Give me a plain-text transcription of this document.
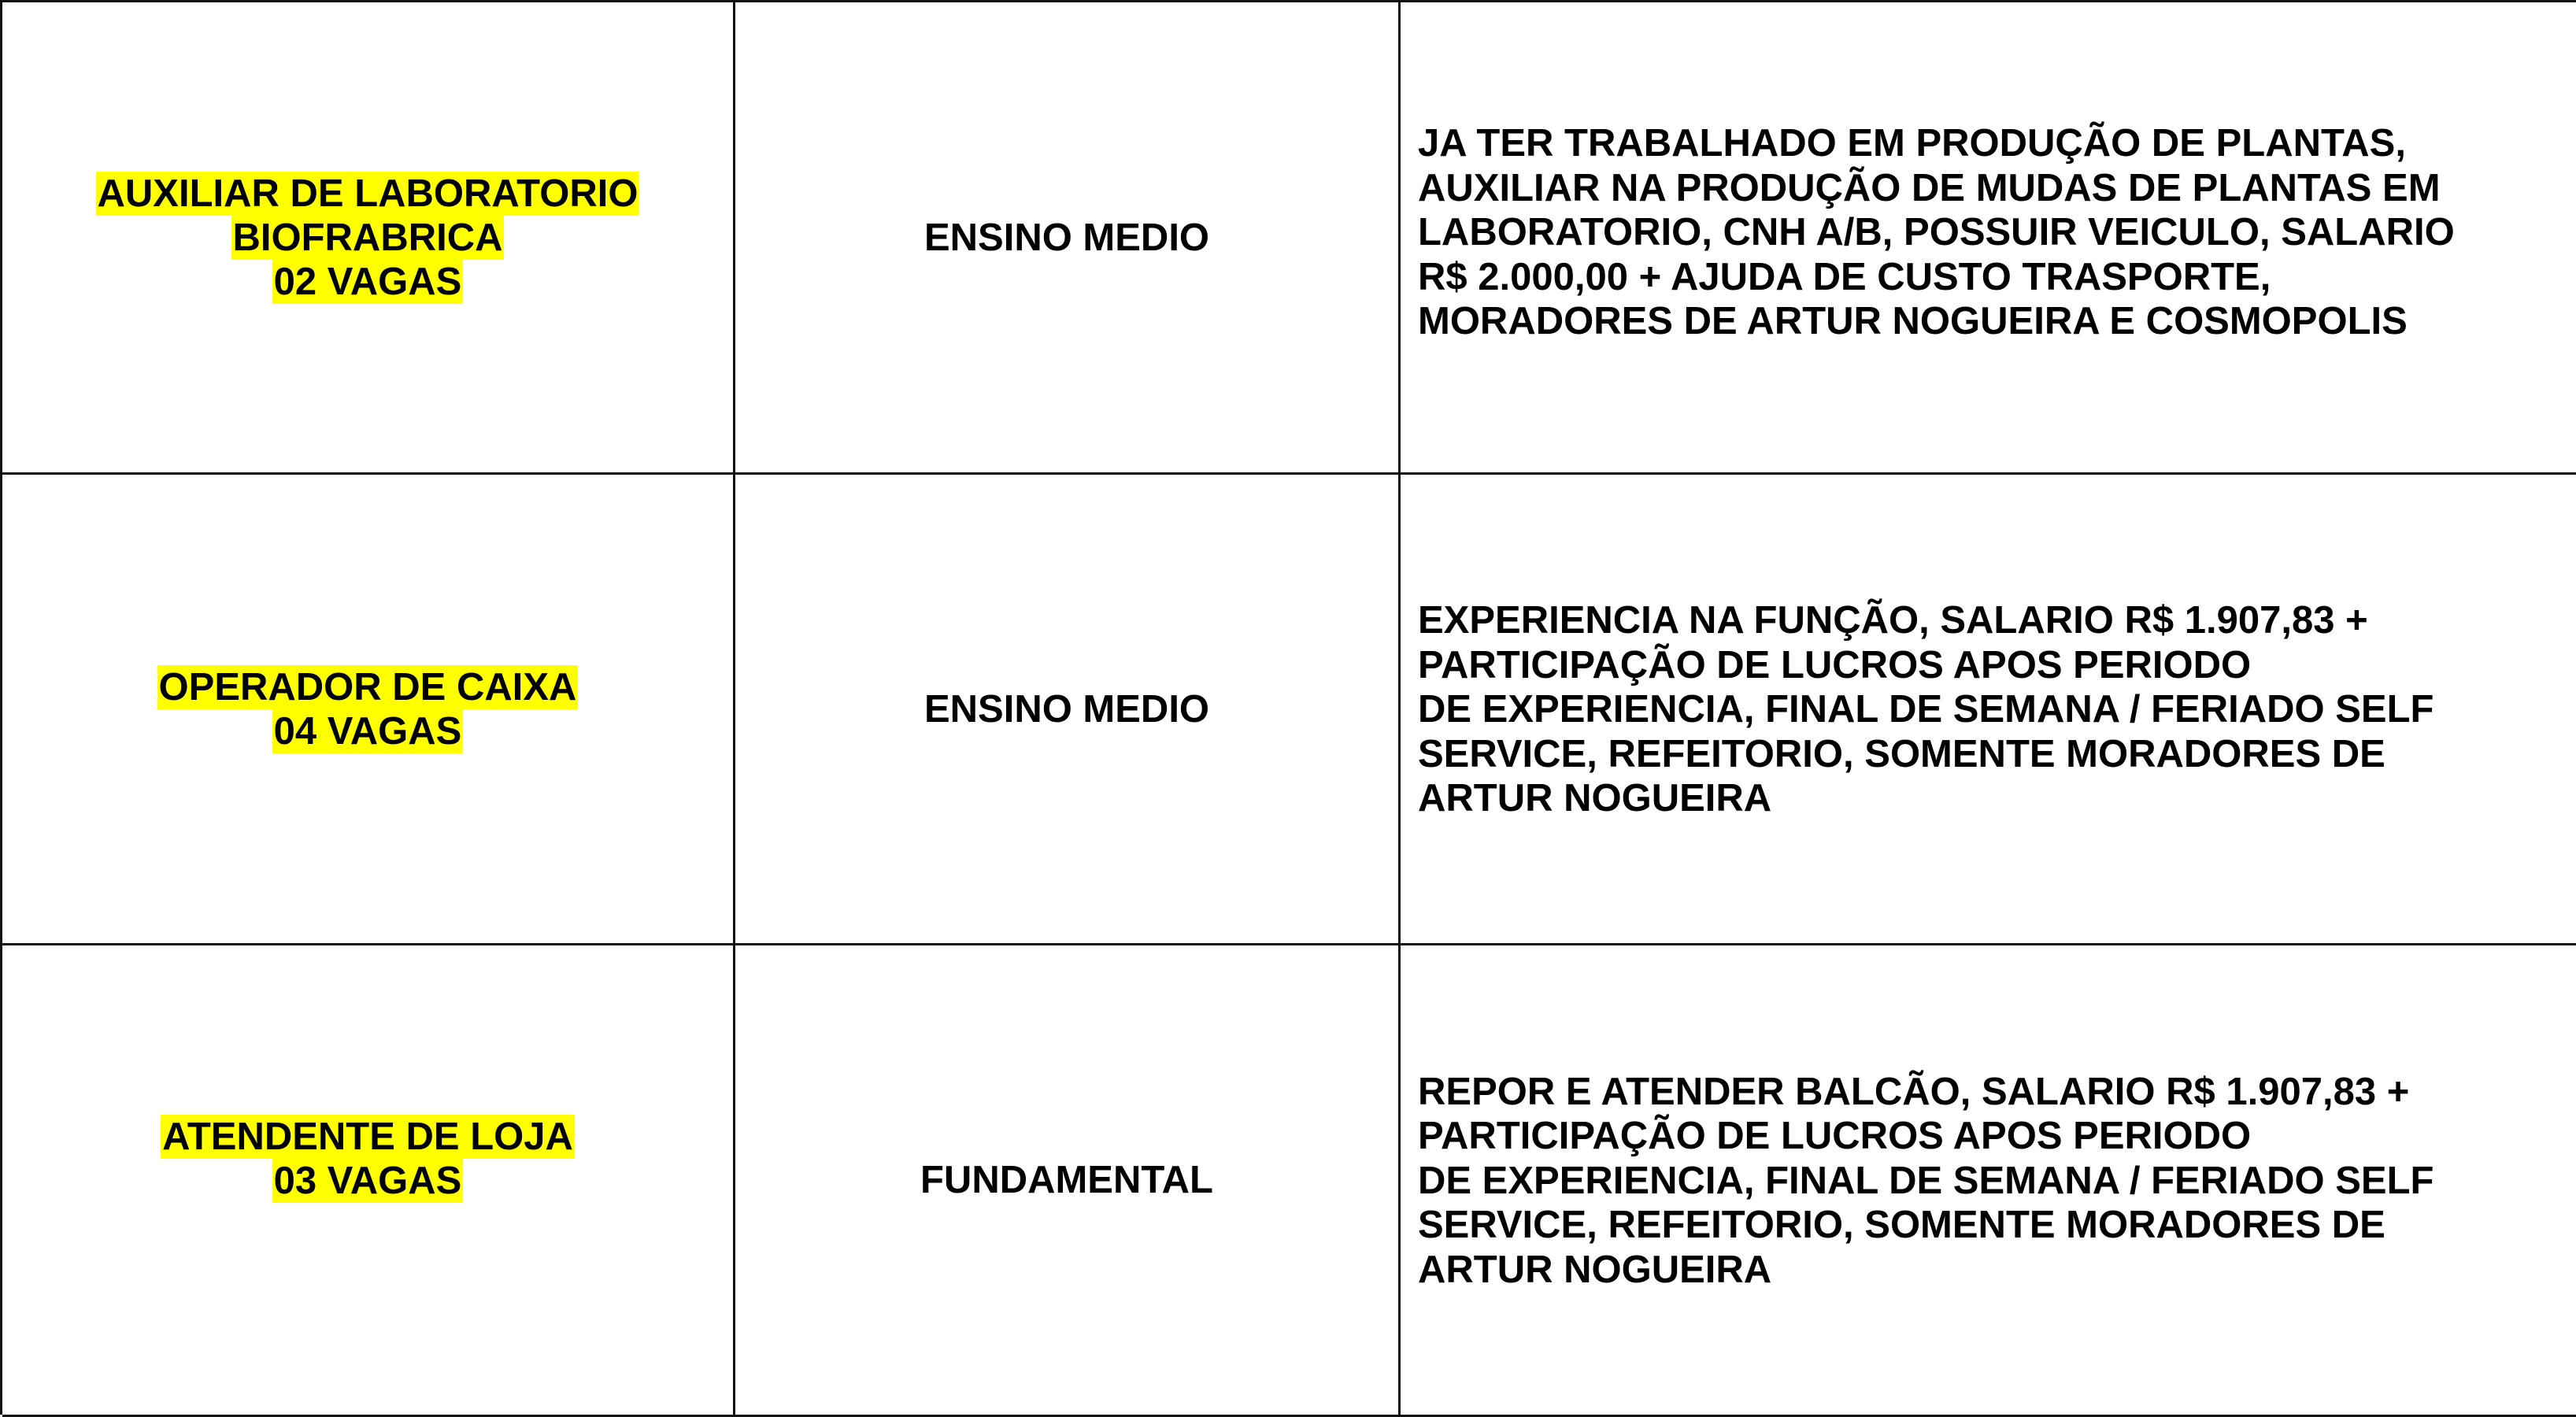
AUXILIAR DE LABORATORIO
BIOFRABRICA
02 VAGAS
ENSINO MEDIO
JA TER TRABALHADO EM PRODUÇÃO DE PLANTAS,
AUXILIAR NA PRODUÇÃO DE MUDAS DE PLANTAS EM
LABORATORIO, CNH A/B, POSSUIR VEICULO, SALARIO
R$ 2.000,00 + AJUDA DE CUSTO TRASPORTE,
MORADORES DE ARTUR NOGUEIRA E COSMOPOLIS
OPERADOR DE CAIXA
04 VAGAS
ENSINO MEDIO
EXPERIENCIA NA FUNÇÃO, SALARIO R$ 1.907,83 +
PARTICIPAÇÃO DE LUCROS APOS PERIODO
DE EXPERIENCIA, FINAL DE SEMANA / FERIADO SELF
SERVICE, REFEITORIO, SOMENTE MORADORES DE
ARTUR NOGUEIRA
ATENDENTE DE LOJA
03 VAGAS	FUNDAMENTAL
REPOR E ATENDER BALCÃO, SALARIO R$ 1.907,83 +
PARTICIPAÇÃO DE LUCROS APOS PERIODO
DE EXPERIENCIA, FINAL DE SEMANA / FERIADO SELF
SERVICE, REFEITORIO, SOMENTE MORADORES DE
ARTUR NOGUEIRA
